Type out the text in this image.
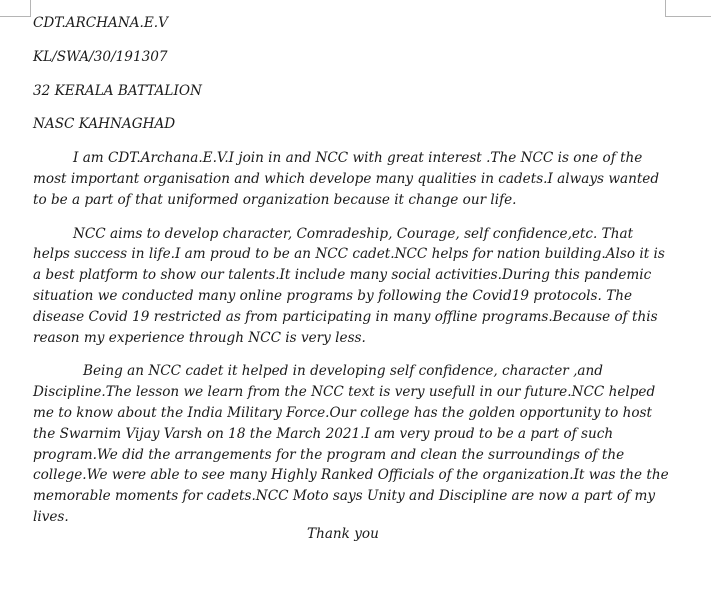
CDT.ARCHANA.E.V
KL/SWA/30/191307
32 KERALA BATTALION
NASC KAHNAGHAD

I am CDT.Archana.E.V.I join in and NCC with great interest .The NCC is one of the most important organisation and which develope many qualities in cadets.I always wanted to be a part of that uniformed organization because it change our life.

NCC aims to develop character, Comradeship, Courage, self confidence,etc. That helps success in life.I am proud to be an NCC cadet.NCC helps for nation building.Also it is a best platform to show our talents.It include many social activities.During this pandemic situation we conducted many online programs by following the Covid19 protocols. The disease Covid 19 restricted as from participating in many offline programs.Because of this reason my experience through NCC is very less.

Being an NCC cadet it helped in developing self confidence, character ,and Discipline.The lesson we learn from the NCC text is very usefull in our future.NCC helped me to know about the India Military Force.Our college has the golden opportunity to host the Swarnim Vijay Varsh on 18 the March 2021.I am very proud to be a part of such program.We did the arrangements for the program and clean the surroundings of the college.We were able to see many Highly Ranked Officials of the organization.It was the the memorable moments for cadets.NCC Moto says Unity and Discipline are now a part of my lives.

Thank you
